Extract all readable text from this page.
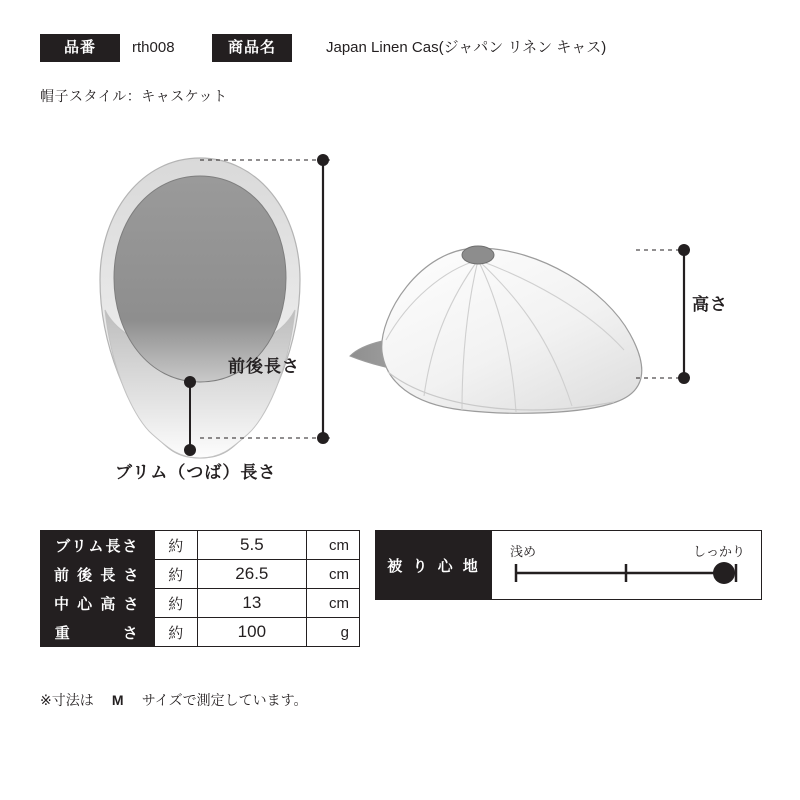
品番	rth008	商品名	Japan Linen Cas(ジャパン リネン キャス)
帽子スタイル：キャスケット
前後長さ
ブリム（つば）長さ
高さ
ブリム長さ	約	5.5	cm
前 後 長 さ	約	26.5	cm
中 心 高 さ	約	13	cm
重　　　さ	約	100	g
※寸法は M サイズで測定しています。
被 り 心 地
浅め	しっかり
